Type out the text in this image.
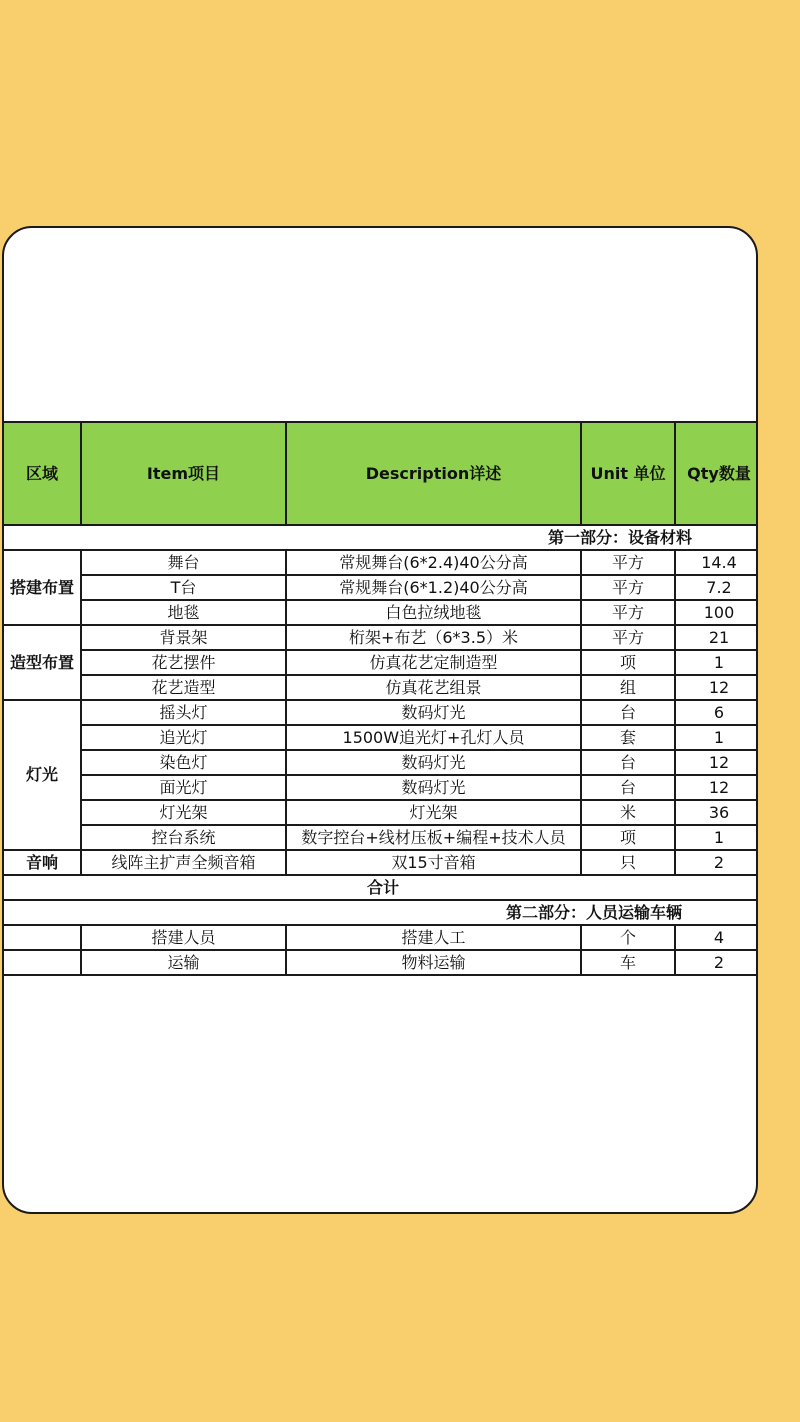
区域	Item项目	Description详述	Unit 单位	Qty数量
第一部分：设备材料				
搭建布置	舞台	常规舞台(6*2.4)40公分高	平方	14.4
	T台	常规舞台(6*1.2)40公分高	平方	7.2
	地毯	白色拉绒地毯	平方	100
造型布置	背景架	桁架+布艺（6*3.5）米	平方	21
	花艺摆件	仿真花艺定制造型	项	1
	花艺造型	仿真花艺组景	组	12
灯光	摇头灯	数码灯光	台	6
	追光灯	1500W追光灯+孔灯人员	套	1
	染色灯	数码灯光	台	12
	面光灯	数码灯光	台	12
	灯光架	灯光架	米	36
	控台系统	数字控台+线材压板+编程+技术人员	项	1
音响	线阵主扩声全频音箱	双15寸音箱	只	2
合计				
第二部分：人员运输车辆				
	搭建人员	搭建人工	个	4
	运输	物料运输	车	2
